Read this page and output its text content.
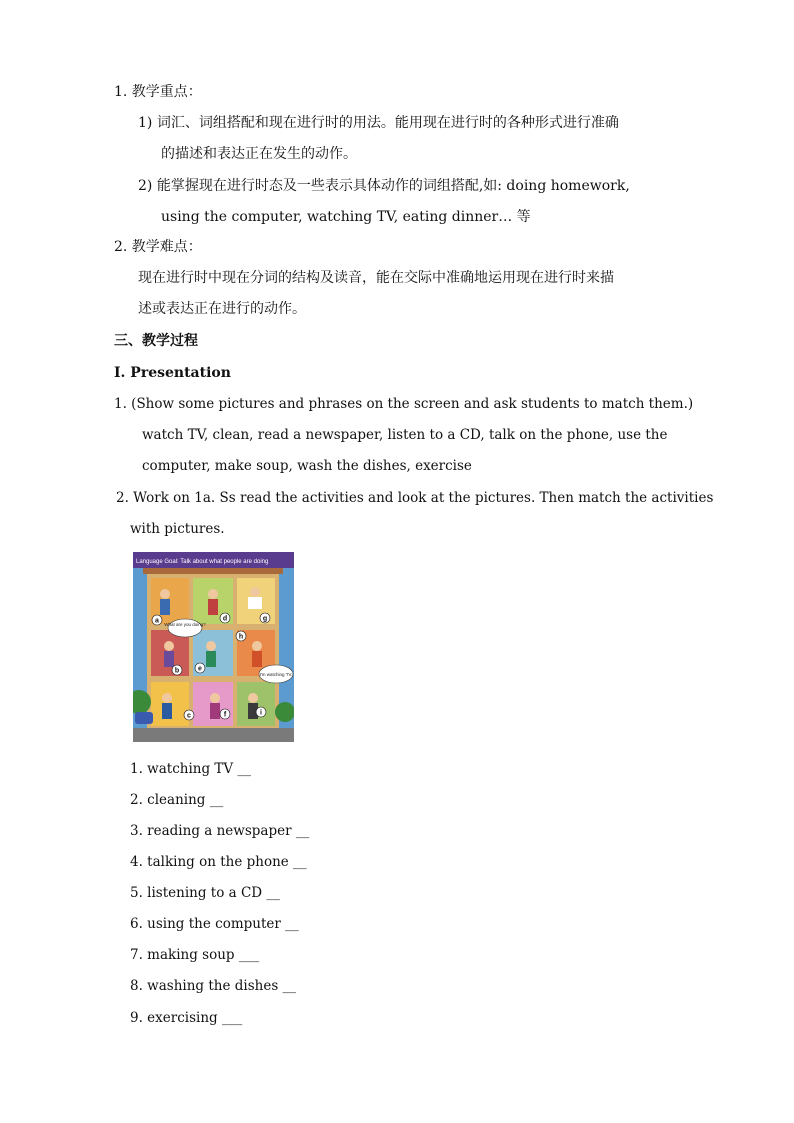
1. 教学重点：
1) 词汇、词组搭配和现在进行时的用法。能用现在进行时的各种形式进行准确
的描述和表达正在发生的动作。
2) 能掌握现在进行时态及一些表示具体动作的词组搭配,如: doing homework,
using the computer, watching TV, eating dinner… 等
2. 教学难点：
现在进行时中现在分词的结构及读音，能在交际中准确地运用现在进行时来描
述或表达正在进行的动作。
三、教学过程
I. Presentation
1. (Show some pictures and phrases on the screen and ask students to match them.)
watch TV, clean, read a newspaper, listen to a CD, talk on the phone, use the
computer, make soup, wash the dishes, exercise
2. Work on 1a. Ss read the activities and look at the pictures. Then match the activities
with pictures.
Language Goal: Talk about what people are doing
What are you doing?
I'm watching TV.
a
b
c
d
e
f
g
h
i
1. watching TV __
2. cleaning __
3. reading a newspaper __
4. talking on the phone __
5. listening to a CD __
6. using the computer __
7. making soup ___
8. washing the dishes __
9. exercising ___
